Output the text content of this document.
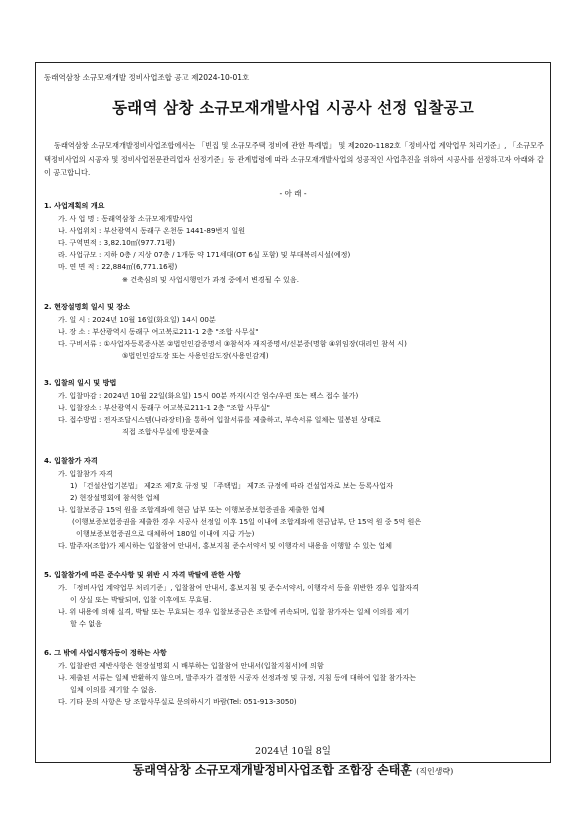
동래역삼창 소규모재개발 정비사업조합 공고 제2024-10-01호
동래역 삼창 소규모재개발사업 시공사 선정 입찰공고

동래역삼창 소규모재개발정비사업조합에서는 「빈집 및 소규모주택 정비에 관한 특례법」 및 제2020-1182호「정비사업 계약업무 처리기준」, 「소규모주택정비사업의 시공자 및 정비사업전문관리업자 선정기준」등 관계법령에 따라 소규모재개발사업의 성공적인 사업추진을 위하여 시공사를 선정하고자 아래와 같이 공고합니다.

- 아 래 -
1. 사업계획의 개요
가. 사 업 명 : 동래역삼창 소규모재개발사업
나. 사업위치 : 부산광역시 동래구 온천동 1441-89번지 일원
다. 구역면적 : 3,82.10㎡(977.71평)
라. 사업규모 : 지하 0층 / 지상 07층 / 1개동 약 171세대(OT 6실 포함) 및 부대복리시설(예정)
마. 연 면 적 : 22,884㎡(6,771.16평)
※ 건축심의 및 사업시행인가 과정 중에서 변경될 수 있음.
2. 현장설명회 일시 및 장소
가. 일 시 : 2024년 10월 16일(화요일) 14시 00분
나. 장 소 : 부산광역시 동래구 여고북로211-1 2층 "조합 사무실"
다. 구비서류 : ①사업자등록증사본 ②법인인감증명서 ③참석자 재직증명서/신분증(명함 ④위임장(대리인 참석 시)
⑤법인인감도장 또는 사용인감도장(사용인감계)
3. 입찰의 일시 및 방법
가. 입찰마감 : 2024년 10월 22일(화요일) 15시 00분 까지(시간 엄수/우편 또는 팩스 접수 불가)
나. 입찰장소 : 부산광역시 동래구 여고북로211-1 2층 "조합 사무실"
다. 접수방법 : 전자조달시스템(나라장터)을 통하여 입찰서류를 제출하고, 부속서류 일체는 밀봉된 상태로
직접 조합사무실에 방문제출
4. 입찰참가 자격
가. 입찰참가 자격
1) 「건설산업기본법」 제2조 제7호 규정 및 「주택법」 제7조 규정에 따라 건설업자로 보는 등록사업자
2) 현장설명회에 참석한 업체
나. 입찰보증금 15억 원을 조합계좌에 현금 납부 또는 이행보증보험증권을 제출한 업체
(이행보증보험증권을 제출한 경우 시공사 선정일 이후 15일 이내에 조합계좌에 현금납부, 단 15억 원 중 5억 원은
이행보증보험증권으로 대체하여 180일 이내에 지급 가능)
다. 발주자(조합)가 제시하는 입찰참여 안내서, 홍보지침 준수서약서 및 이행각서 내용을 이행할 수 있는 업체
5. 입찰참가에 따른 준수사항 및 위반 시 자격 박탈에 관한 사항
가. 「정비사업 계약업무 처리기준」, 입찰참여 안내서, 홍보지침 및 준수서약서, 이행각서 등을 위반한 경우 입찰자격
이 상실 또는 박탈되며, 입찰 이후에도 무효됨.
나. 위 내용에 의해 실격, 박탈 또는 무효되는 경우 입찰보증금은 조합에 귀속되며, 입찰 참가자는 일체 이의를 제기
할 수 없음
6. 그 밖에 사업시행자등이 정하는 사항
가. 입찰관련 제반사항은 현장설명회 시 배부하는 입찰참여 안내서(입찰지침서)에 의함
나. 제출된 서류는 일체 반환하지 않으며, 발주자가 결정한 시공자 선정과정 및 규정, 지침 등에 대하여 입찰 참가자는
일체 이의를 제기할 수 없음.
다. 기타 문의 사항은 당 조합사무실로 문의하시기 바람(Tel: 051-913-3050)
2024년 10월 8일
동래역삼창 소규모재개발정비사업조합 조합장 손태훈 (직인생략)
